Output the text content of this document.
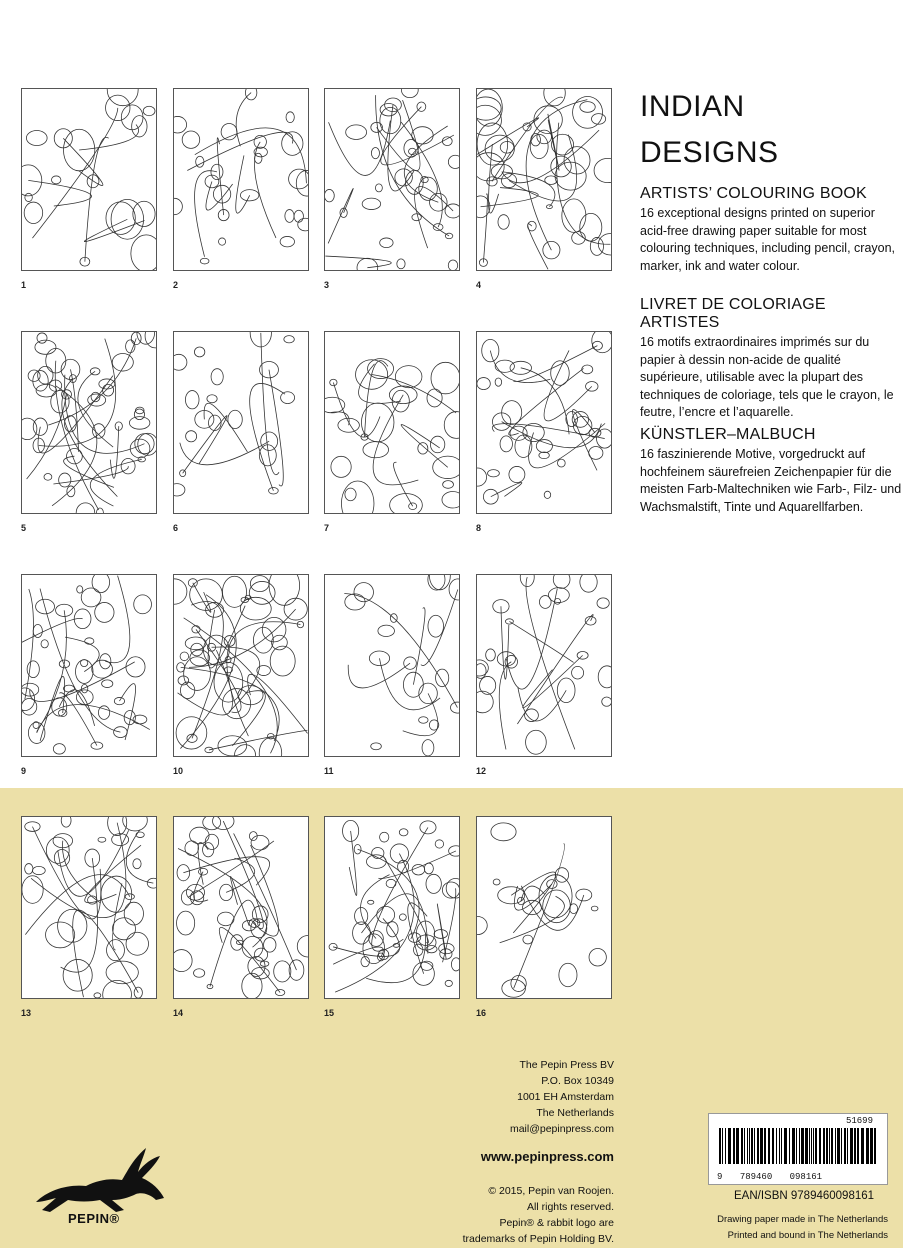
1	2	3	4
5	6	7	8
9	10	11	12
13	14	15	16
INDIAN
DESIGNS
ARTISTS’ COLOURING BOOK

16 exceptional designs printed on superior acid-free drawing paper suitable for most colouring techniques, including pencil, crayon, marker, ink and water colour.

LIVRET DE COLORIAGE ARTISTES

16 motifs extraordinaires imprimés sur du papier à dessin non-acide de qualité supérieure, utilisable avec la plupart des techniques de coloriage, tels que le crayon, le feutre, l’encre et l’aquarelle.

KÜNSTLER–MALBUCH

16 faszinierende Motive, vorgedruckt auf hochfeinem säurefreien Zeichenpapier für die meisten Farb-Maltechniken wie Farb-, Filz- und Wachsmalstift, Tinte und Aquarellfarben.

The Pepin Press BV
P.O. Box 10349
1001 EH Amsterdam
The Netherlands
mail@pepinpress.com
www.pepinpress.com
© 2015, Pepin van Roojen.
All rights reserved.
Pepin® & rabbit logo are
trademarks of Pepin Holding BV.
PEPIN®
51699
9 789460 098161
EAN/ISBN 9789460098161
Drawing paper made in The Netherlands
Printed and bound in The Netherlands
